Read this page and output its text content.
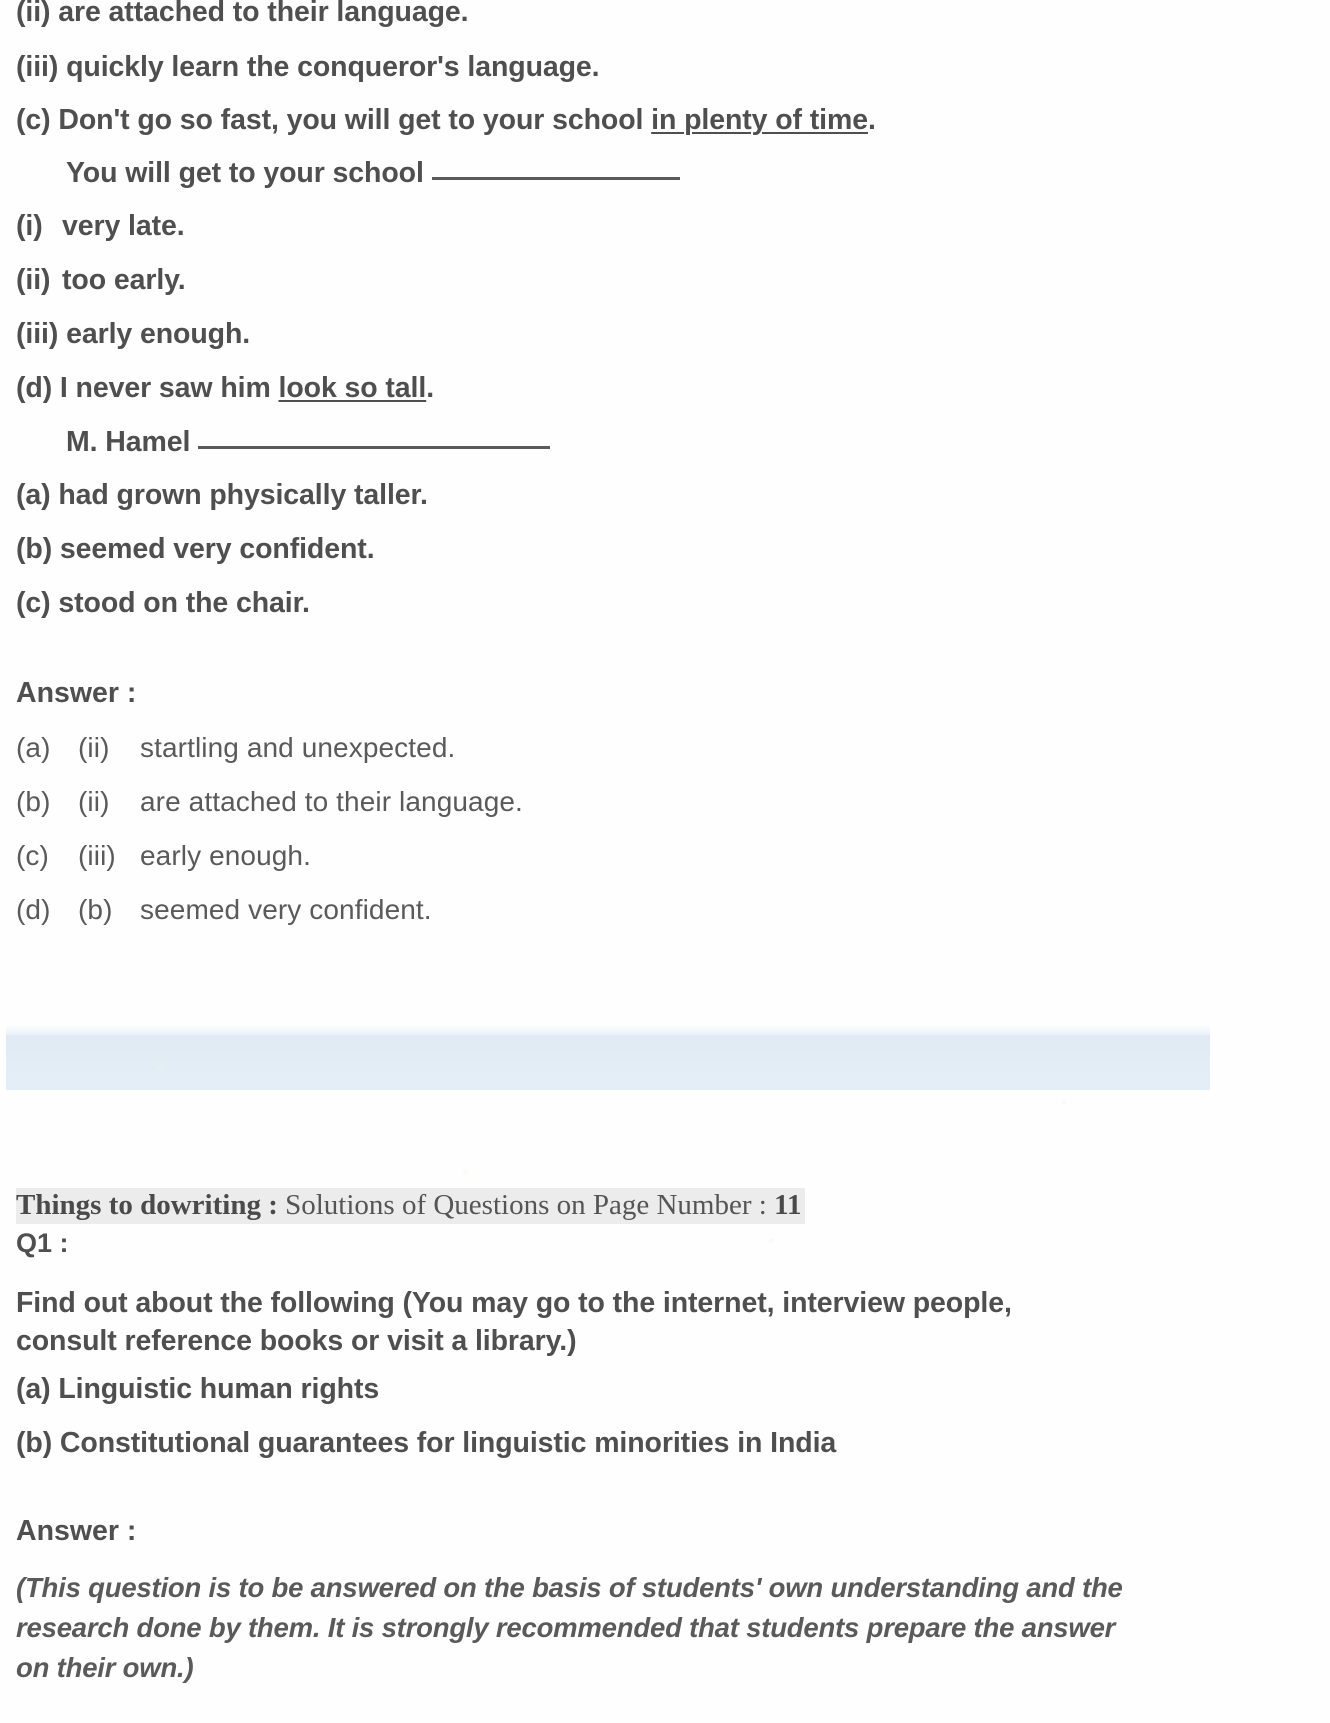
(ii) are attached to their language.
(iii) quickly learn the conqueror's language.
(c) Don't go so fast, you will get to your school in plenty of time.
You will get to your school
(i) very late.
(ii) too early.
(iii) early enough.
(d) I never saw him look so tall.
M. Hamel
(a) had grown physically taller.
(b) seemed very confident.
(c) stood on the chair.
Answer :
(a) (ii) startling and unexpected.
(b) (ii) are attached to their language.
(c) (iii) early enough.
(d) (b) seemed very confident.
Things to dowriting : Solutions of Questions on Page Number : 11
Q1 :
Find out about the following (You may go to the internet, interview people,
consult reference books or visit a library.)
(a) Linguistic human rights
(b) Constitutional guarantees for linguistic minorities in India
Answer :
(This question is to be answered on the basis of students' own understanding and the
research done by them. It is strongly recommended that students prepare the answer
on their own.)
